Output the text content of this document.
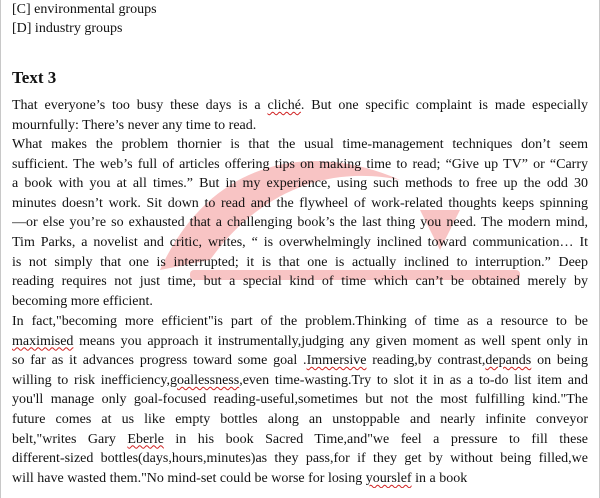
[C] environmental groups
[D] industry groups
Text 3
That everyone’s too busy these days is a cliché. But one specific complaint is made especially
mournfully: There’s never any time to read.
What makes the problem thornier is that the usual time-management techniques don’t seem
sufficient. The web’s full of articles offering tips on making time to read; “Give up TV” or “Carry
a book with you at all times.” But in my experience, using such methods to free up the odd 30
minutes doesn’t work. Sit down to read and the flywheel of work-related thoughts keeps spinning
—or else you’re so exhausted that a challenging book’s the last thing you need. The modern mind,
Tim Parks, a novelist and critic, writes, “ is overwhelmingly inclined toward communication… It
is not simply that one is interrupted; it is that one is actually inclined to interruption.” Deep
reading requires not just time, but a special kind of time which can’t be obtained merely by
becoming more efficient.
In fact,"becoming more efficient"is part of the problem.Thinking of time as a resource to be
maximised means you approach it instrumentally,judging any given moment as well spent only in
so far as it advances progress toward some goal .Immersive reading,by contrast,depands on being
willing to risk inefficiency,goallessness,even time-wasting.Try to slot it in as a to-do list item and
you'll manage only goal-focused reading-useful,sometimes but not the most fulfilling kind."The
future comes at us like empty bottles along an unstoppable and nearly infinite conveyor
belt,"writes Gary Eberle in his book Sacred Time,and"we feel a pressure to fill these
different-sized bottles(days,hours,minutes)as they pass,for if they get by without being filled,we
will have wasted them."No mind-set could be worse for losing yourslef in a book
